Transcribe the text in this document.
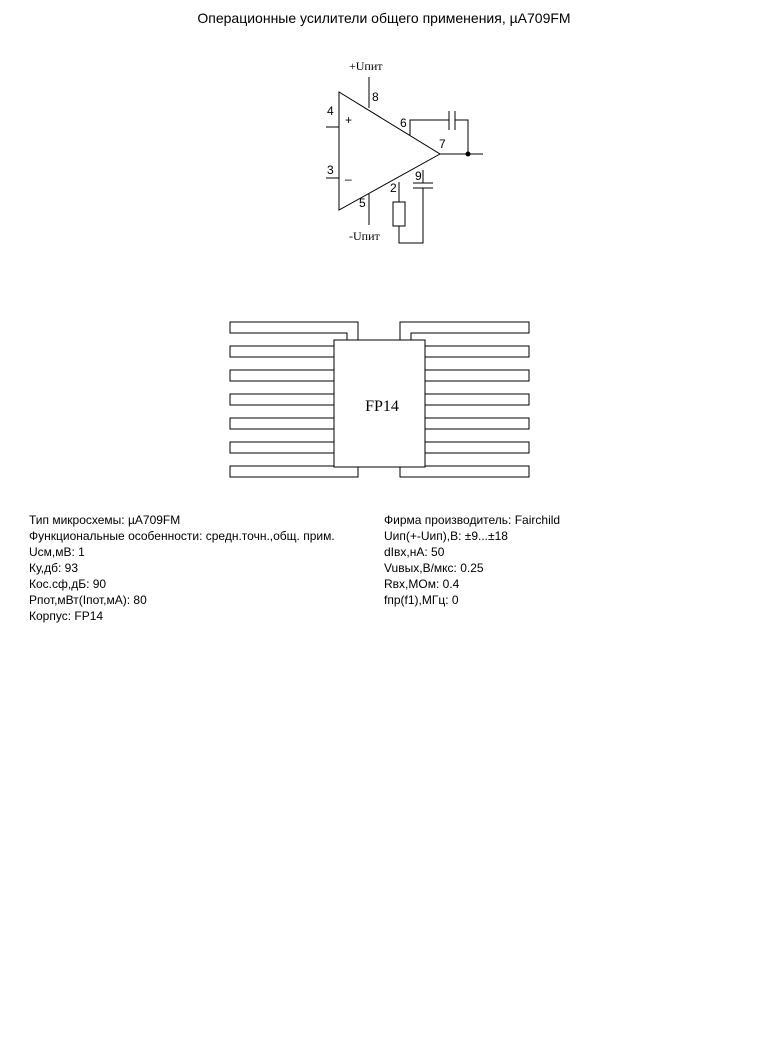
Операционные усилители общего применения, µA709FM
+Uпит
-Uпит
+
–
4
3
8
5
6
7
2
9
FP14
Тип микросхемы: µA709FM
Функциональные особенности: средн.точн.,общ. прим.
Uсм,мВ: 1
Ку,дб: 93
Кос.сф,дБ: 90
Рпот,мВт(Iпот,мА): 80
Корпус: FP14
Фирма производитель: Fairchild
Uип(+-Uип),В: ±9...±18
dIвх,нА: 50
Vuвых,В/мкс: 0.25
Rвх,МОм: 0.4
fпр(f1),МГц: 0
